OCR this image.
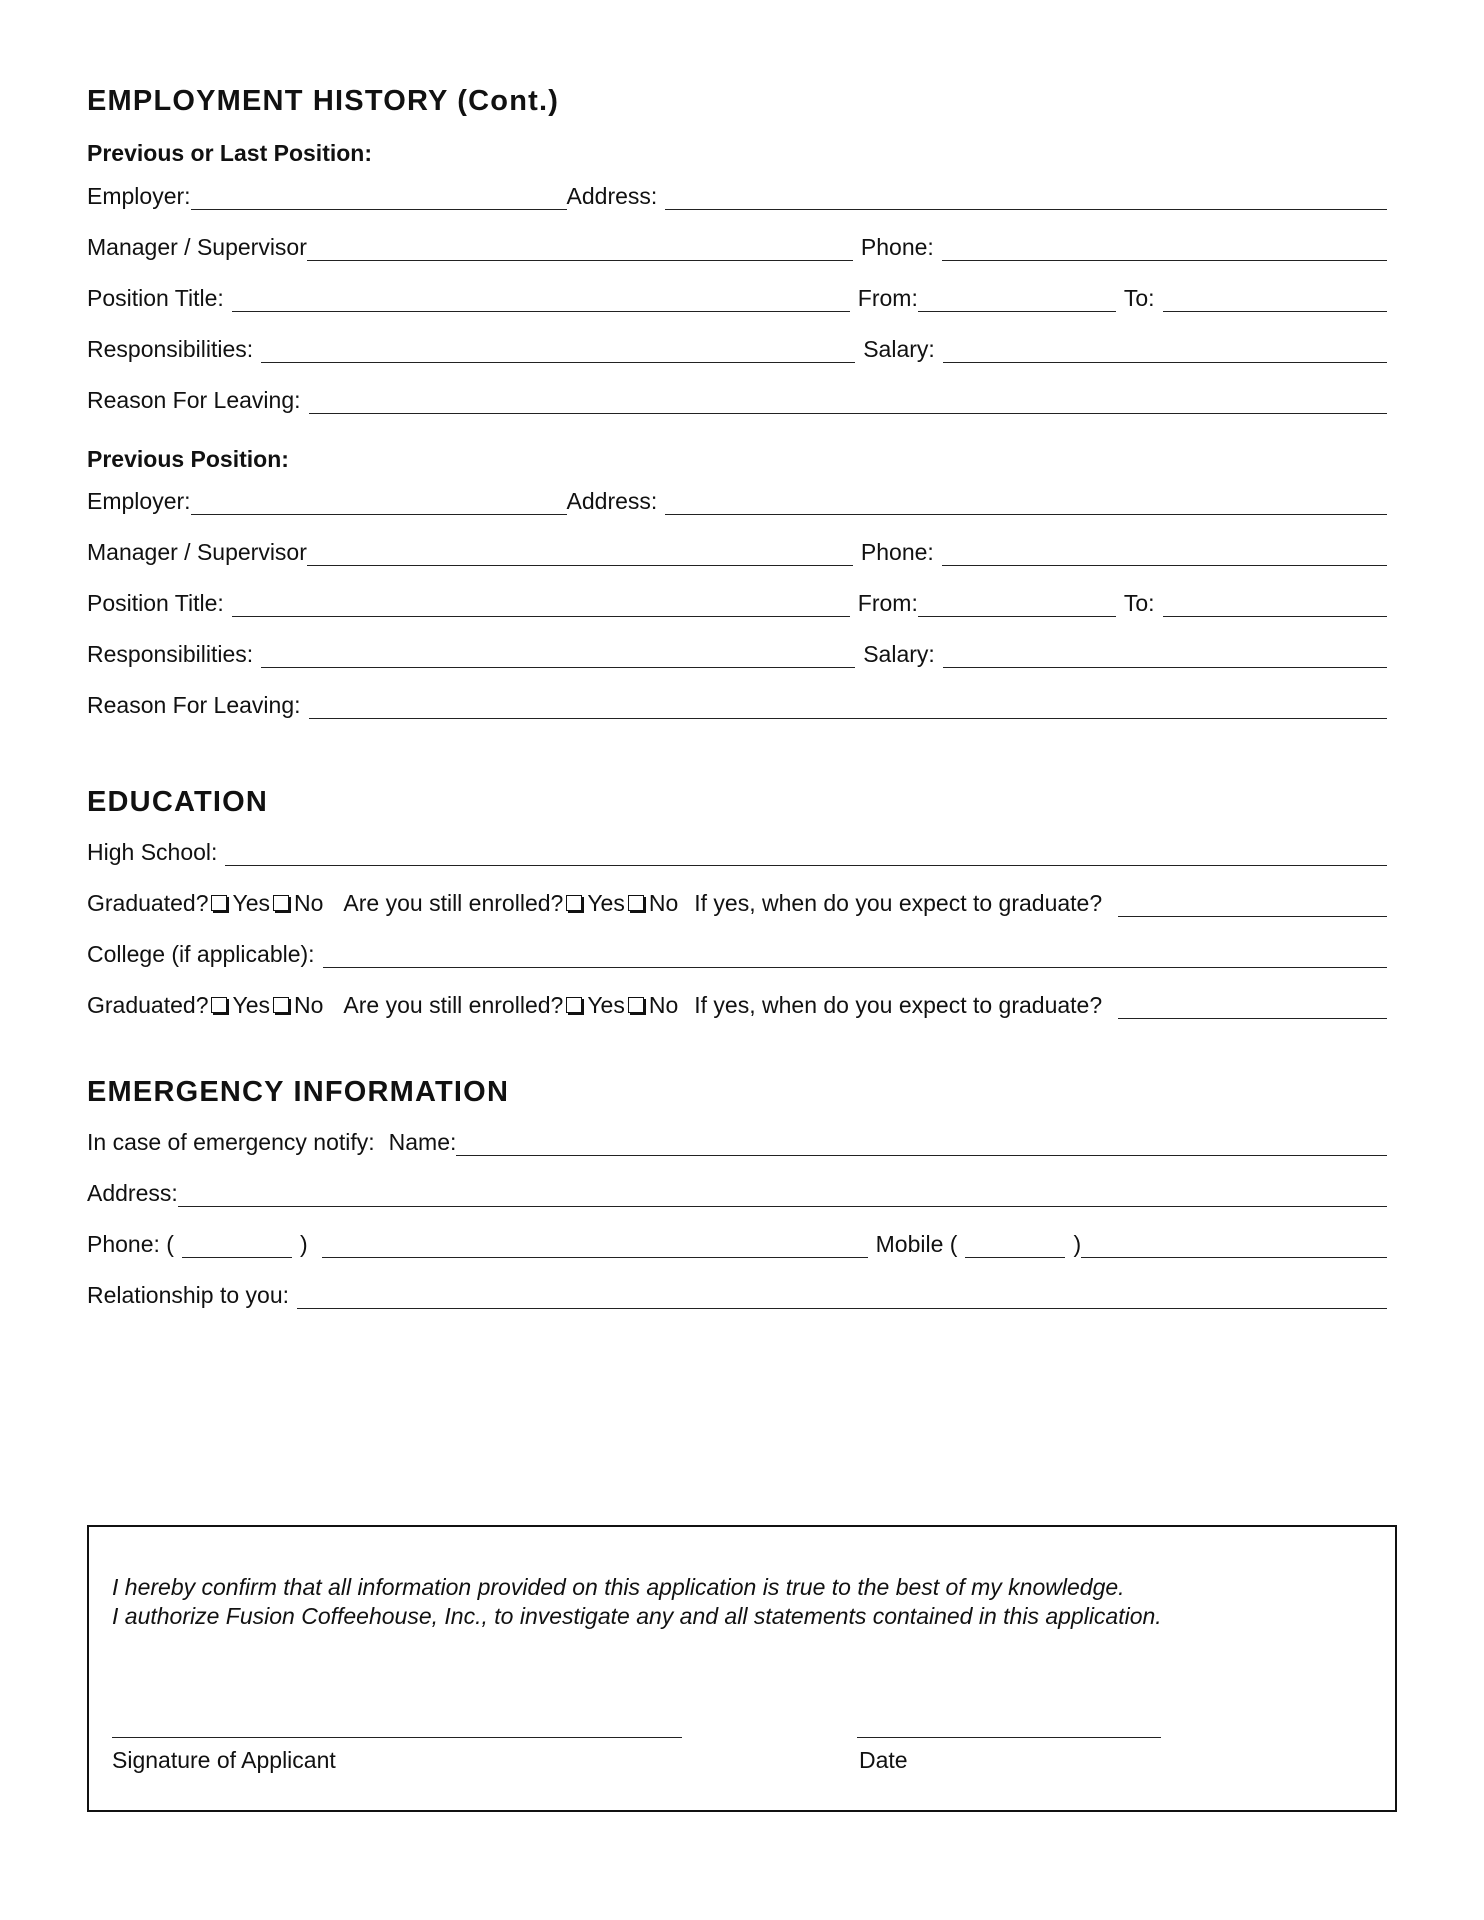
EMPLOYMENT HISTORY (Cont.)
Previous or Last Position:
Employer:	Address:
Manager / Supervisor	Phone:
Position Title:	From:	To:
Responsibilities:	Salary:
Reason For Leaving:
Previous Position:
Employer:	Address:
Manager / Supervisor	Phone:
Position Title:	From:	To:
Responsibilities:	Salary:
Reason For Leaving:
EDUCATION
High School:
Graduated? Yes No Are you still enrolled? Yes No If yes, when do you expect to graduate?
College (if applicable):
Graduated? Yes No Are you still enrolled? Yes No If yes, when do you expect to graduate?
EMERGENCY INFORMATION
In case of emergency notify: Name:
Address:
Phone: (	)	Mobile (	)
Relationship to you:
I hereby confirm that all information provided on this application is true to the best of my knowledge.
I authorize Fusion Coffeehouse, Inc., to investigate any and all statements contained in this application.
Signature of Applicant	Date
